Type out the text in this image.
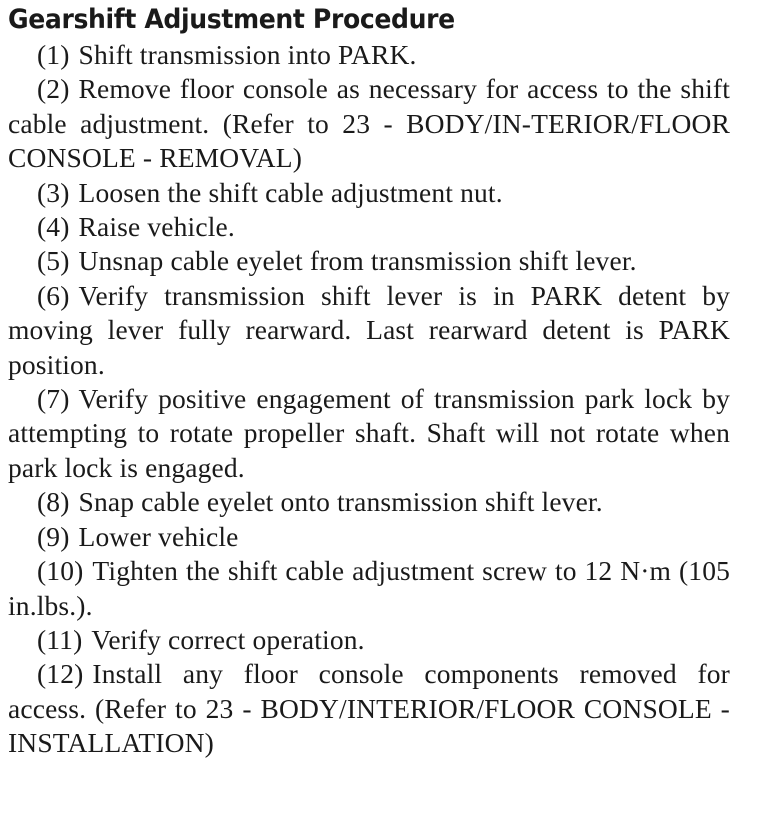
Gearshift Adjustment Procedure
(1) Shift transmission into PARK.
(2) Remove floor console as necessary for access to the shift cable adjustment. (Refer to 23 - BODY/IN-TERIOR/FLOOR CONSOLE - REMOVAL)
(3) Loosen the shift cable adjustment nut.
(4) Raise vehicle.
(5) Unsnap cable eyelet from transmission shift lever.
(6) Verify transmission shift lever is in PARK detent by moving lever fully rearward. Last rearward detent is PARK position.
(7) Verify positive engagement of transmission park lock by attempting to rotate propeller shaft. Shaft will not rotate when park lock is engaged.
(8) Snap cable eyelet onto transmission shift lever.
(9) Lower vehicle
(10) Tighten the shift cable adjustment screw to 12 N·m (105 in.lbs.).
(11) Verify correct operation.
(12) Install any floor console components removed for access. (Refer to 23 - BODY/INTERIOR/FLOOR CONSOLE - INSTALLATION)
